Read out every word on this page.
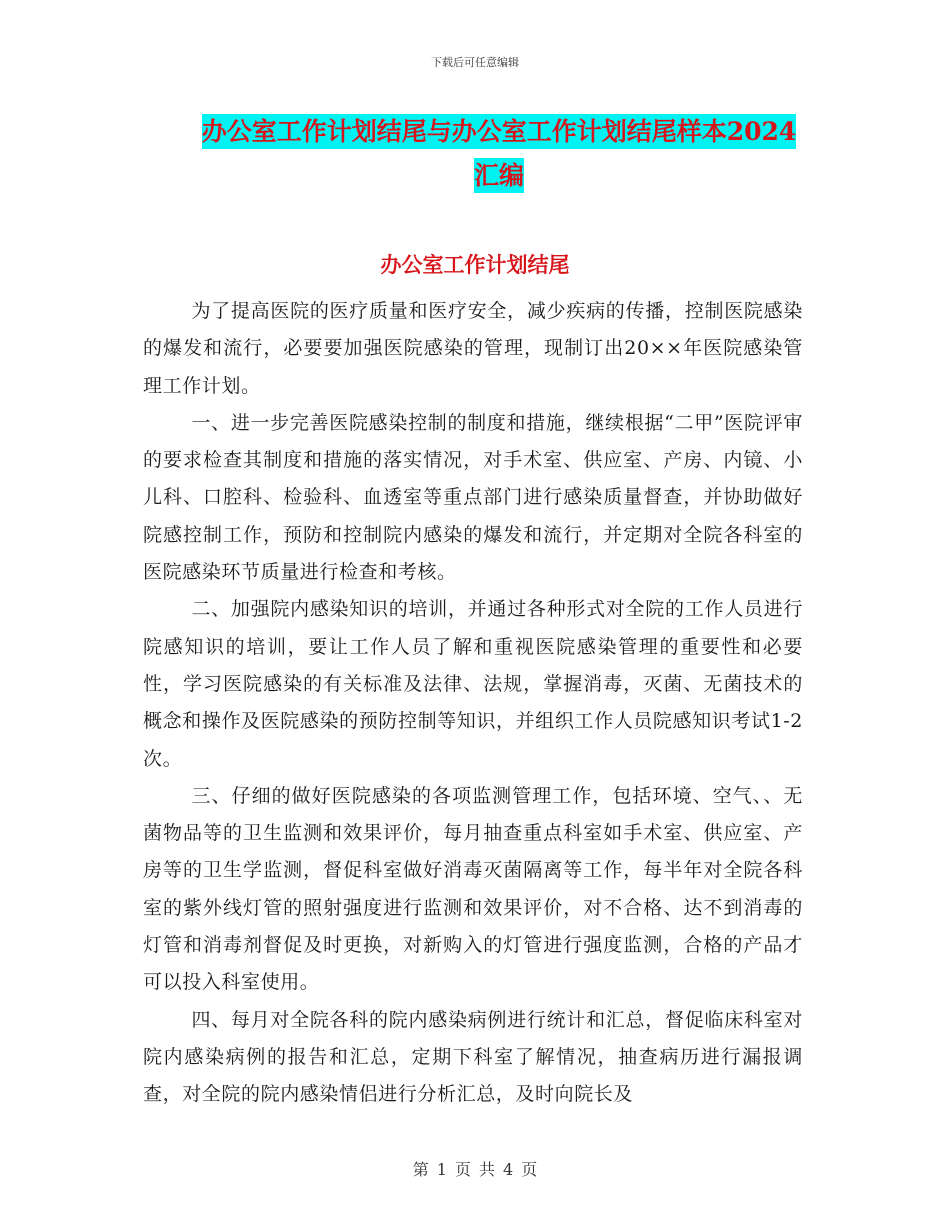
下载后可任意编辑
办公室工作计划结尾与办公室工作计划结尾样本2024汇编
办公室工作计划结尾

为了提高医院的医疗质量和医疗安全，减少疾病的传播，控制医院感染的爆发和流行，必要要加强医院感染的管理，现制订出20××年医院感染管理工作计划。

一、进一步完善医院感染控制的制度和措施，继续根据“二甲”医院评审的要求检查其制度和措施的落实情况，对手术室、供应室、产房、内镜、小儿科、口腔科、检验科、血透室等重点部门进行感染质量督查，并协助做好院感控制工作，预防和控制院内感染的爆发和流行，并定期对全院各科室的医院感染环节质量进行检查和考核。

二、加强院内感染知识的培训，并通过各种形式对全院的工作人员进行院感知识的培训，要让工作人员了解和重视医院感染管理的重要性和必要性，学习医院感染的有关标准及法律、法规，掌握消毒，灭菌、无菌技术的概念和操作及医院感染的预防控制等知识，并组织工作人员院感知识考试1-2次。

三、仔细的做好医院感染的各项监测管理工作，包括环境、空气、、无菌物品等的卫生监测和效果评价，每月抽查重点科室如手术室、供应室、产房等的卫生学监测，督促科室做好消毒灭菌隔离等工作，每半年对全院各科室的紫外线灯管的照射强度进行监测和效果评价，对不合格、达不到消毒的灯管和消毒剂督促及时更换，对新购入的灯管进行强度监测，合格的产品才可以投入科室使用。

四、每月对全院各科的院内感染病例进行统计和汇总，督促临床科室对院内感染病例的报告和汇总，定期下科室了解情况，抽查病历进行漏报调查，对全院的院内感染情侣进行分析汇总，及时向院长及

第 1 页 共 4 页
